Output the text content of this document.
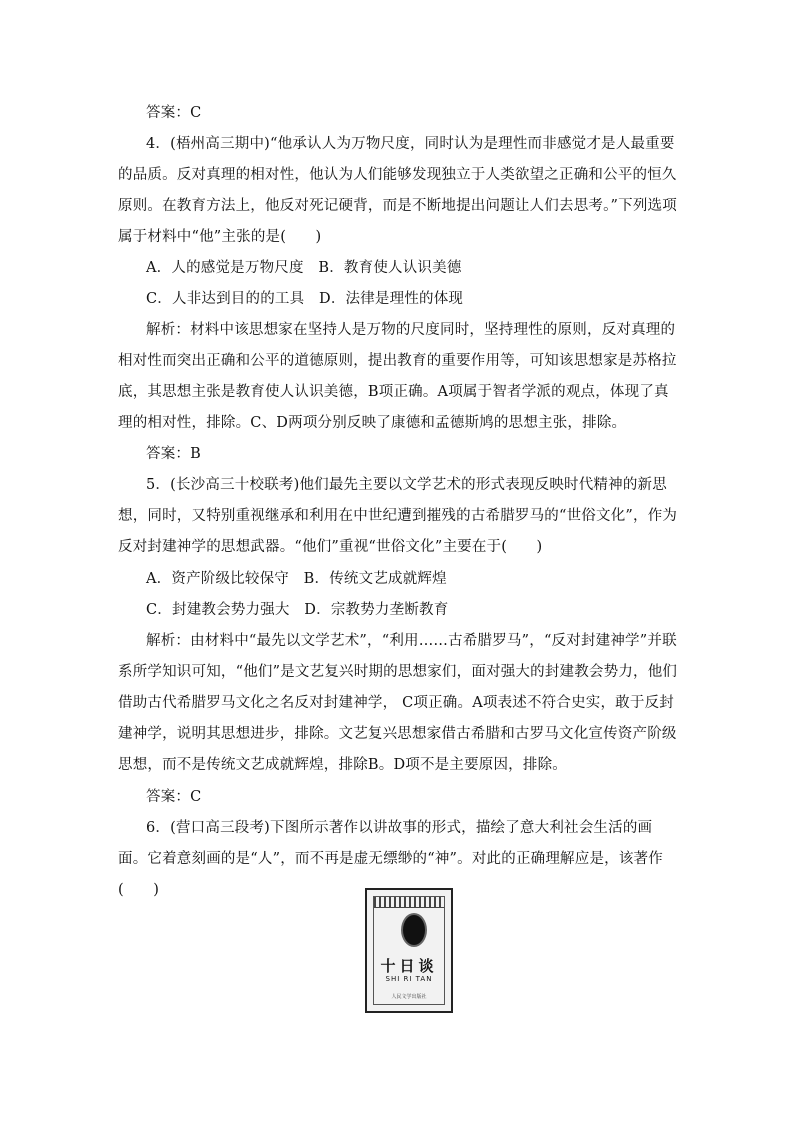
答案：C
4．(梧州高三期中)“他承认人为万物尺度，同时认为是理性而非感觉才是人最重要的品质。反对真理的相对性，他认为人们能够发现独立于人类欲望之正确和公平的恒久原则。在教育方法上，他反对死记硬背，而是不断地提出问题让人们去思考。”下列选项属于材料中“他”主张的是(　　)
A．人的感觉是万物尺度　B．教育使人认识美德
C．人非达到目的的工具　D．法律是理性的体现
解析：材料中该思想家在坚持人是万物的尺度同时，坚持理性的原则，反对真理的相对性而突出正确和公平的道德原则，提出教育的重要作用等，可知该思想家是苏格拉底，其思想主张是教育使人认识美德，B项正确。A项属于智者学派的观点，体现了真理的相对性，排除。C、D两项分别反映了康德和孟德斯鸠的思想主张，排除。
答案：B
5．(长沙高三十校联考)他们最先主要以文学艺术的形式表现反映时代精神的新思想，同时，又特别重视继承和利用在中世纪遭到摧残的古希腊罗马的“世俗文化”，作为反对封建神学的思想武器。“他们”重视“世俗文化”主要在于(　　)
A．资产阶级比较保守　B．传统文艺成就辉煌
C．封建教会势力强大　D．宗教势力垄断教育
解析：由材料中“最先以文学艺术”，“利用……古希腊罗马”，“反对封建神学”并联系所学知识可知，“他们”是文艺复兴时期的思想家们，面对强大的封建教会势力，他们借助古代希腊罗马文化之名反对封建神学， C项正确。A项表述不符合史实，敢于反封建神学，说明其思想进步，排除。文艺复兴思想家借古希腊和古罗马文化宣传资产阶级思想，而不是传统文艺成就辉煌，排除B。D项不是主要原因，排除。
答案：C
6．(营口高三段考)下图所示著作以讲故事的形式，描绘了意大利社会生活的画面。它着意刻画的是“人”，而不再是虚无缥缈的“神”。对此的正确理解应是，该著作(　　)
十日谈
SHI RI TAN
人民文学出版社
